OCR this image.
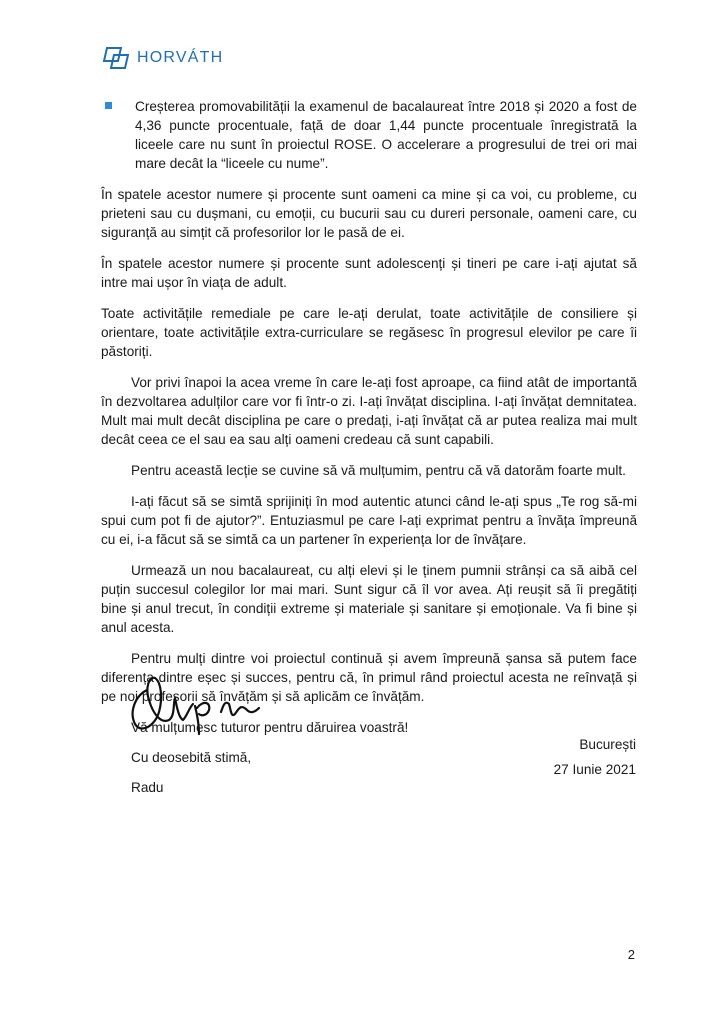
HORVÁTH
Creșterea promovabilității la examenul de bacalaureat între 2018 și 2020 a fost de 4,36 puncte procentuale, față de doar 1,44 puncte procentuale înregistrată la liceele care nu sunt în proiectul ROSE. O accelerare a progresului de trei ori mai mare decât la “liceele cu nume”.

În spatele acestor numere și procente sunt oameni ca mine și ca voi, cu probleme, cu prieteni sau cu dușmani, cu emoții, cu bucurii sau cu dureri personale, oameni care, cu siguranță au simțit că profesorilor lor le pasă de ei.

În spatele acestor numere și procente sunt adolescenți și tineri pe care i-ați ajutat să intre mai ușor în viața de adult.

Toate activitățile remediale pe care le-ați derulat, toate activitățile de consiliere și orientare, toate activitățile extra-curriculare se regăsesc în progresul elevilor pe care îi păstoriți.

Vor privi înapoi la acea vreme în care le-ați fost aproape, ca fiind atât de importantă în dezvoltarea adulților care vor fi într-o zi. I-ați învățat disciplina. I-ați învățat demnitatea. Mult mai mult decât disciplina pe care o predați, i-ați învățat că ar putea realiza mai mult decât ceea ce el sau ea sau alți oameni credeau că sunt capabili.

Pentru această lecție se cuvine să vă mulțumim, pentru că vă datorăm foarte mult.

I-ați făcut să se simtă sprijiniți în mod autentic atunci când le-ați spus „Te rog să-mi spui cum pot fi de ajutor?”. Entuziasmul pe care l-ați exprimat pentru a învăța împreună cu ei, i-a făcut să se simtă ca un partener în experiența lor de învățare.

Urmează un nou bacalaureat, cu alți elevi și le ținem pumnii strânși ca să aibă cel puțin succesul colegilor lor mai mari. Sunt sigur că îl vor avea. Ați reușit să îi pregătiți bine și anul trecut, în condiții extreme și materiale și sanitare și emoționale. Va fi bine și anul acesta.

Pentru mulți dintre voi proiectul continuă și avem împreună șansa să putem face diferența dintre eșec și succes, pentru că, în primul rând proiectul acesta ne reînvață și pe noi profesorii să învățăm și să aplicăm ce învățăm.

Vă mulțumesc tuturor pentru dăruirea voastră!

Cu deosebită stimă,

Radu

București
27 Iunie 2021
2
